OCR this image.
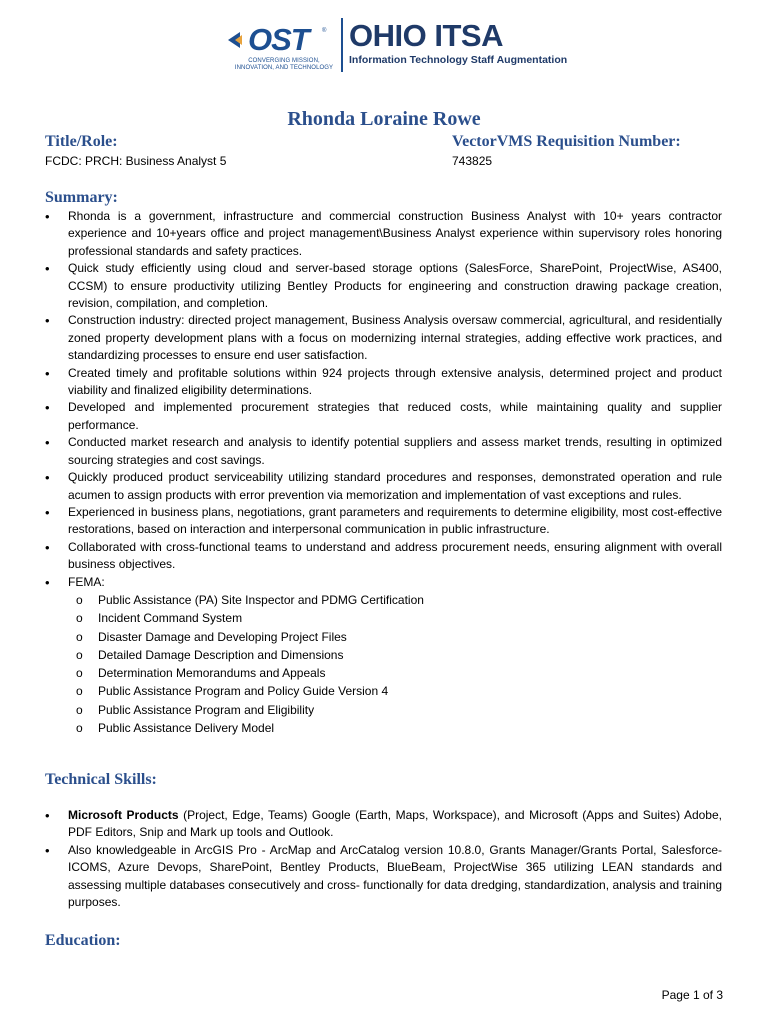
OST ®
CONVERGING MISSION, INNOVATION, AND TECHNOLOGY
OHIO ITSA
Information Technology Staff Augmentation
Rhonda Loraine Rowe
Title/Role:
FCDC: PRCH: Business Analyst 5
VectorVMS Requisition Number:
743825
Summary:
• Rhonda is a government, infrastructure and commercial construction Business Analyst with 10+ years contractor experience and 10+years office and project management\Business Analyst experience within supervisory roles honoring professional standards and safety practices.
• Quick study efficiently using cloud and server-based storage options (SalesForce, SharePoint, ProjectWise, AS400, CCSM) to ensure productivity utilizing Bentley Products for engineering and construction drawing package creation, revision, compilation, and completion.
• Construction industry: directed project management, Business Analysis oversaw commercial, agricultural, and residentially zoned property development plans with a focus on modernizing internal strategies, adding effective work practices, and standardizing processes to ensure end user satisfaction.
• Created timely and profitable solutions within 924 projects through extensive analysis, determined project and product viability and finalized eligibility determinations.
• Developed and implemented procurement strategies that reduced costs, while maintaining quality and supplier performance.
• Conducted market research and analysis to identify potential suppliers and assess market trends, resulting in optimized sourcing strategies and cost savings.
• Quickly produced product serviceability utilizing standard procedures and responses, demonstrated operation and rule acumen to assign products with error prevention via memorization and implementation of vast exceptions and rules.
• Experienced in business plans, negotiations, grant parameters and requirements to determine eligibility, most cost-effective restorations, based on interaction and interpersonal communication in public infrastructure.
• Collaborated with cross-functional teams to understand and address procurement needs, ensuring alignment with overall business objectives.
• FEMA:
o Public Assistance (PA) Site Inspector and PDMG Certification
o Incident Command System
o Disaster Damage and Developing Project Files
o Detailed Damage Description and Dimensions
o Determination Memorandums and Appeals
o Public Assistance Program and Policy Guide Version 4
o Public Assistance Program and Eligibility
o Public Assistance Delivery Model
Technical Skills:
• Microsoft Products (Project, Edge, Teams) Google (Earth, Maps, Workspace), and Microsoft (Apps and Suites) Adobe, PDF Editors, Snip and Mark up tools and Outlook.
• Also knowledgeable in ArcGIS Pro - ArcMap and ArcCatalog version 10.8.0, Grants Manager/Grants Portal, Salesforce-ICOMS, Azure Devops, SharePoint, Bentley Products, BlueBeam, ProjectWise 365 utilizing LEAN standards and assessing multiple databases consecutively and cross- functionally for data dredging, standardization, analysis and training purposes.
Education:
Page 1 of 3
